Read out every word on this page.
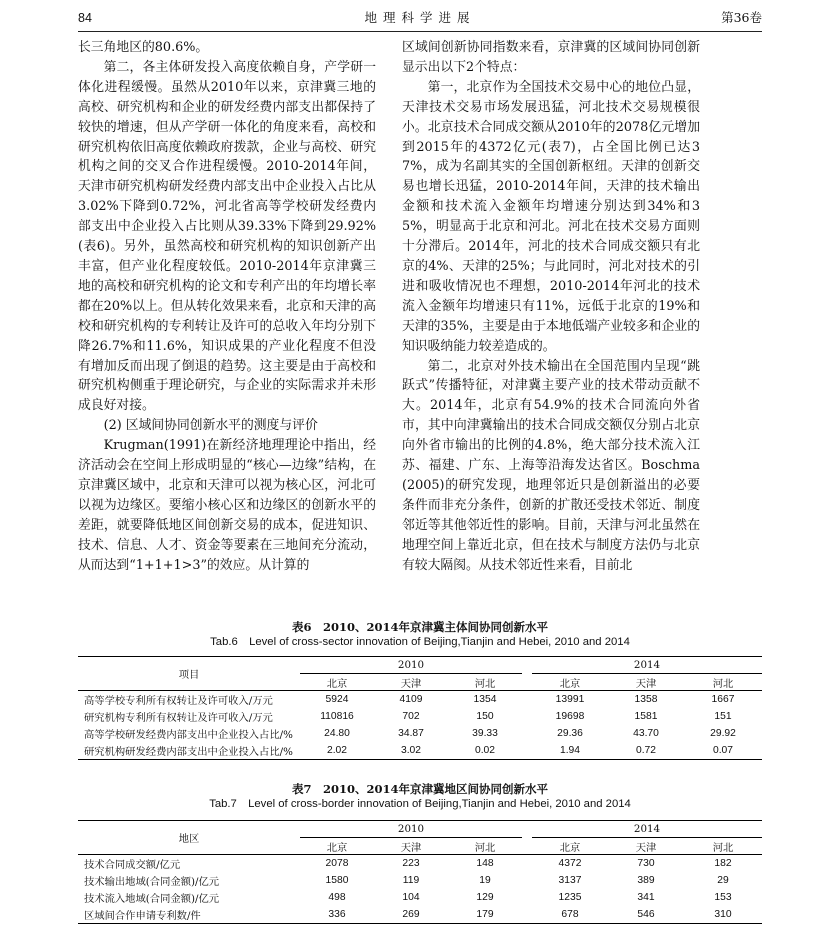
84	地理科学进展	第36卷

长三角地区的80.6%。

第二，各主体研发投入高度依赖自身，产学研一体化进程缓慢。虽然从2010年以来，京津冀三地的高校、研究机构和企业的研发经费内部支出都保持了较快的增速，但从产学研一体化的角度来看，高校和研究机构依旧高度依赖政府拨款，企业与高校、研究机构之间的交叉合作进程缓慢。2010-2014年间，天津市研究机构研发经费内部支出中企业投入占比从3.02%下降到0.72%，河北省高等学校研发经费内部支出中企业投入占比则从39.33%下降到29.92%(表6)。另外，虽然高校和研究机构的知识创新产出丰富，但产业化程度较低。2010-2014年京津冀三地的高校和研究机构的论文和专利产出的年均增长率都在20%以上。但从转化效果来看，北京和天津的高校和研究机构的专利转让及许可的总收入年均分别下降26.7%和11.6%，知识成果的产业化程度不但没有增加反而出现了倒退的趋势。这主要是由于高校和研究机构侧重于理论研究，与企业的实际需求并未形成良好对接。

(2) 区域间协同创新水平的测度与评价

Krugman(1991)在新经济地理理论中指出，经济活动会在空间上形成明显的“核心—边缘”结构，在京津冀区域中，北京和天津可以视为核心区，河北可以视为边缘区。要缩小核心区和边缘区的创新水平的差距，就要降低地区间创新交易的成本，促进知识、技术、信息、人才、资金等要素在三地间充分流动，从而达到“1+1+1>3”的效应。从计算的

区域间创新协同指数来看，京津冀的区域间协同创新显示出以下2个特点：

第一，北京作为全国技术交易中心的地位凸显，天津技术交易市场发展迅猛，河北技术交易规模很小。北京技术合同成交额从2010年的2078亿元增加到2015年的4372亿元(表7)，占全国比例已达37%，成为名副其实的全国创新枢纽。天津的创新交易也增长迅猛，2010-2014年间，天津的技术输出金额和技术流入金额年均增速分别达到34%和35%，明显高于北京和河北。河北在技术交易方面则十分滞后。2014年，河北的技术合同成交额只有北京的4%、天津的25%；与此同时，河北对技术的引进和吸收情况也不理想，2010-2014年河北的技术流入金额年均增速只有11%，远低于北京的19%和天津的35%，主要是由于本地低端产业较多和企业的知识吸纳能力较差造成的。

第二，北京对外技术输出在全国范围内呈现“跳跃式”传播特征，对津冀主要产业的技术带动贡献不大。2014年，北京有54.9%的技术合同流向外省市，其中向津冀输出的技术合同成交额仅分别占北京向外省市输出的比例的4.8%，绝大部分技术流入江苏、福建、广东、上海等沿海发达省区。Boschma(2005)的研究发现，地理邻近只是创新溢出的必要条件而非充分条件，创新的扩散还受技术邻近、制度邻近等其他邻近性的影响。目前，天津与河北虽然在地理空间上靠近北京，但在技术与制度方法仍与北京有较大隔阂。从技术邻近性来看，目前北

表6　2010、2014年京津冀主体间协同创新水平
Tab.6　Level of cross-sector innovation of Beijing,Tianjin and Hebei, 2010 and 2014
项目	2010				2014		
	北京	天津	河北		北京	天津	河北
高等学校专利所有权转让及许可收入/万元	5924	4109	1354		13991	1358	1667
研究机构专利所有权转让及许可收入/万元	110816	702	150		19698	1581	151
高等学校研发经费内部支出中企业投入占比/%	24.80	34.87	39.33		29.36	43.70	29.92
研究机构研发经费内部支出中企业投入占比/%	2.02	3.02	0.02		1.94	0.72	0.07
表7　2010、2014年京津冀地区间协同创新水平
Tab.7　Level of cross-border innovation of Beijing,Tianjin and Hebei, 2010 and 2014
地区	2010				2014		
	北京	天津	河北		北京	天津	河北
技术合同成交额/亿元	2078	223	148		4372	730	182
技术输出地域(合同金额)/亿元	1580	119	19		3137	389	29
技术流入地域(合同金额)/亿元	498	104	129		1235	341	153
区域间合作申请专利数/件	336	269	179		678	546	310
